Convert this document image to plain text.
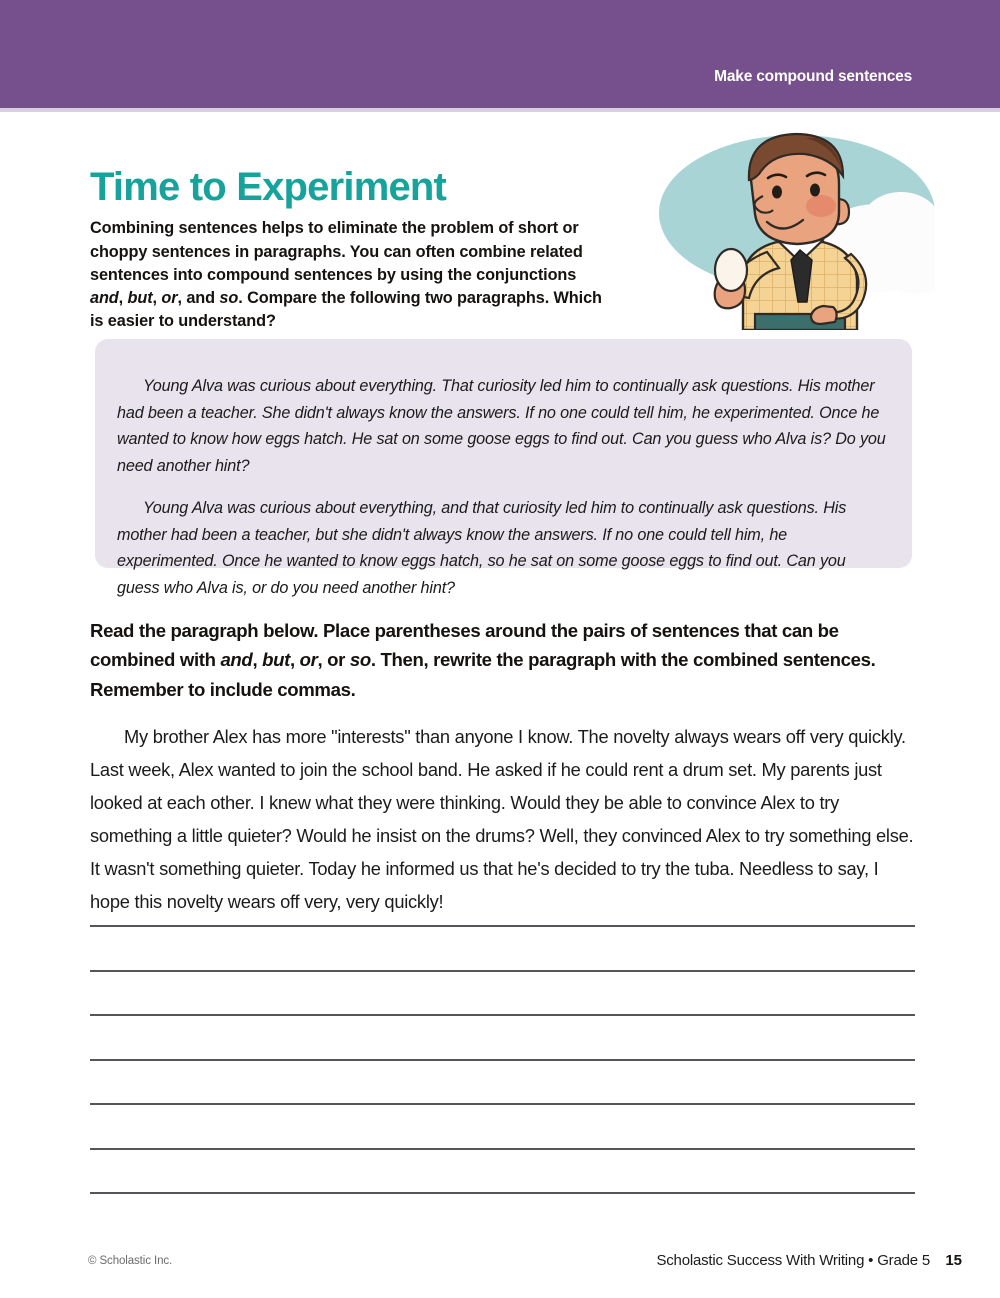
Make compound sentences
Time to Experiment

Combining sentences helps to eliminate the problem of short or choppy sentences in paragraphs. You can often combine related sentences into compound sentences by using the conjunctions and, but, or, and so. Compare the following two paragraphs. Which is easier to understand?

Young Alva was curious about everything. That curiosity led him to continually ask questions. His mother had been a teacher. She didn't always know the answers. If no one could tell him, he experimented. Once he wanted to know how eggs hatch. He sat on some goose eggs to find out. Can you guess who Alva is? Do you need another hint?

Young Alva was curious about everything, and that curiosity led him to continually ask questions. His mother had been a teacher, but she didn't always know the answers. If no one could tell him, he experimented. Once he wanted to know eggs hatch, so he sat on some goose eggs to find out. Can you guess who Alva is, or do you need another hint?

Read the paragraph below. Place parentheses around the pairs of sentences that can be combined with and, but, or, or so. Then, rewrite the paragraph with the combined sentences. Remember to include commas.

My brother Alex has more "interests" than anyone I know. The novelty always wears off very quickly. Last week, Alex wanted to join the school band. He asked if he could rent a drum set. My parents just looked at each other. I knew what they were thinking. Would they be able to convince Alex to try something a little quieter? Would he insist on the drums? Well, they convinced Alex to try something else. It wasn't something quieter. Today he informed us that he's decided to try the tuba. Needless to say, I hope this novelty wears off very, very quickly!

© Scholastic Inc.	Scholastic Success With Writing • Grade 5 15
